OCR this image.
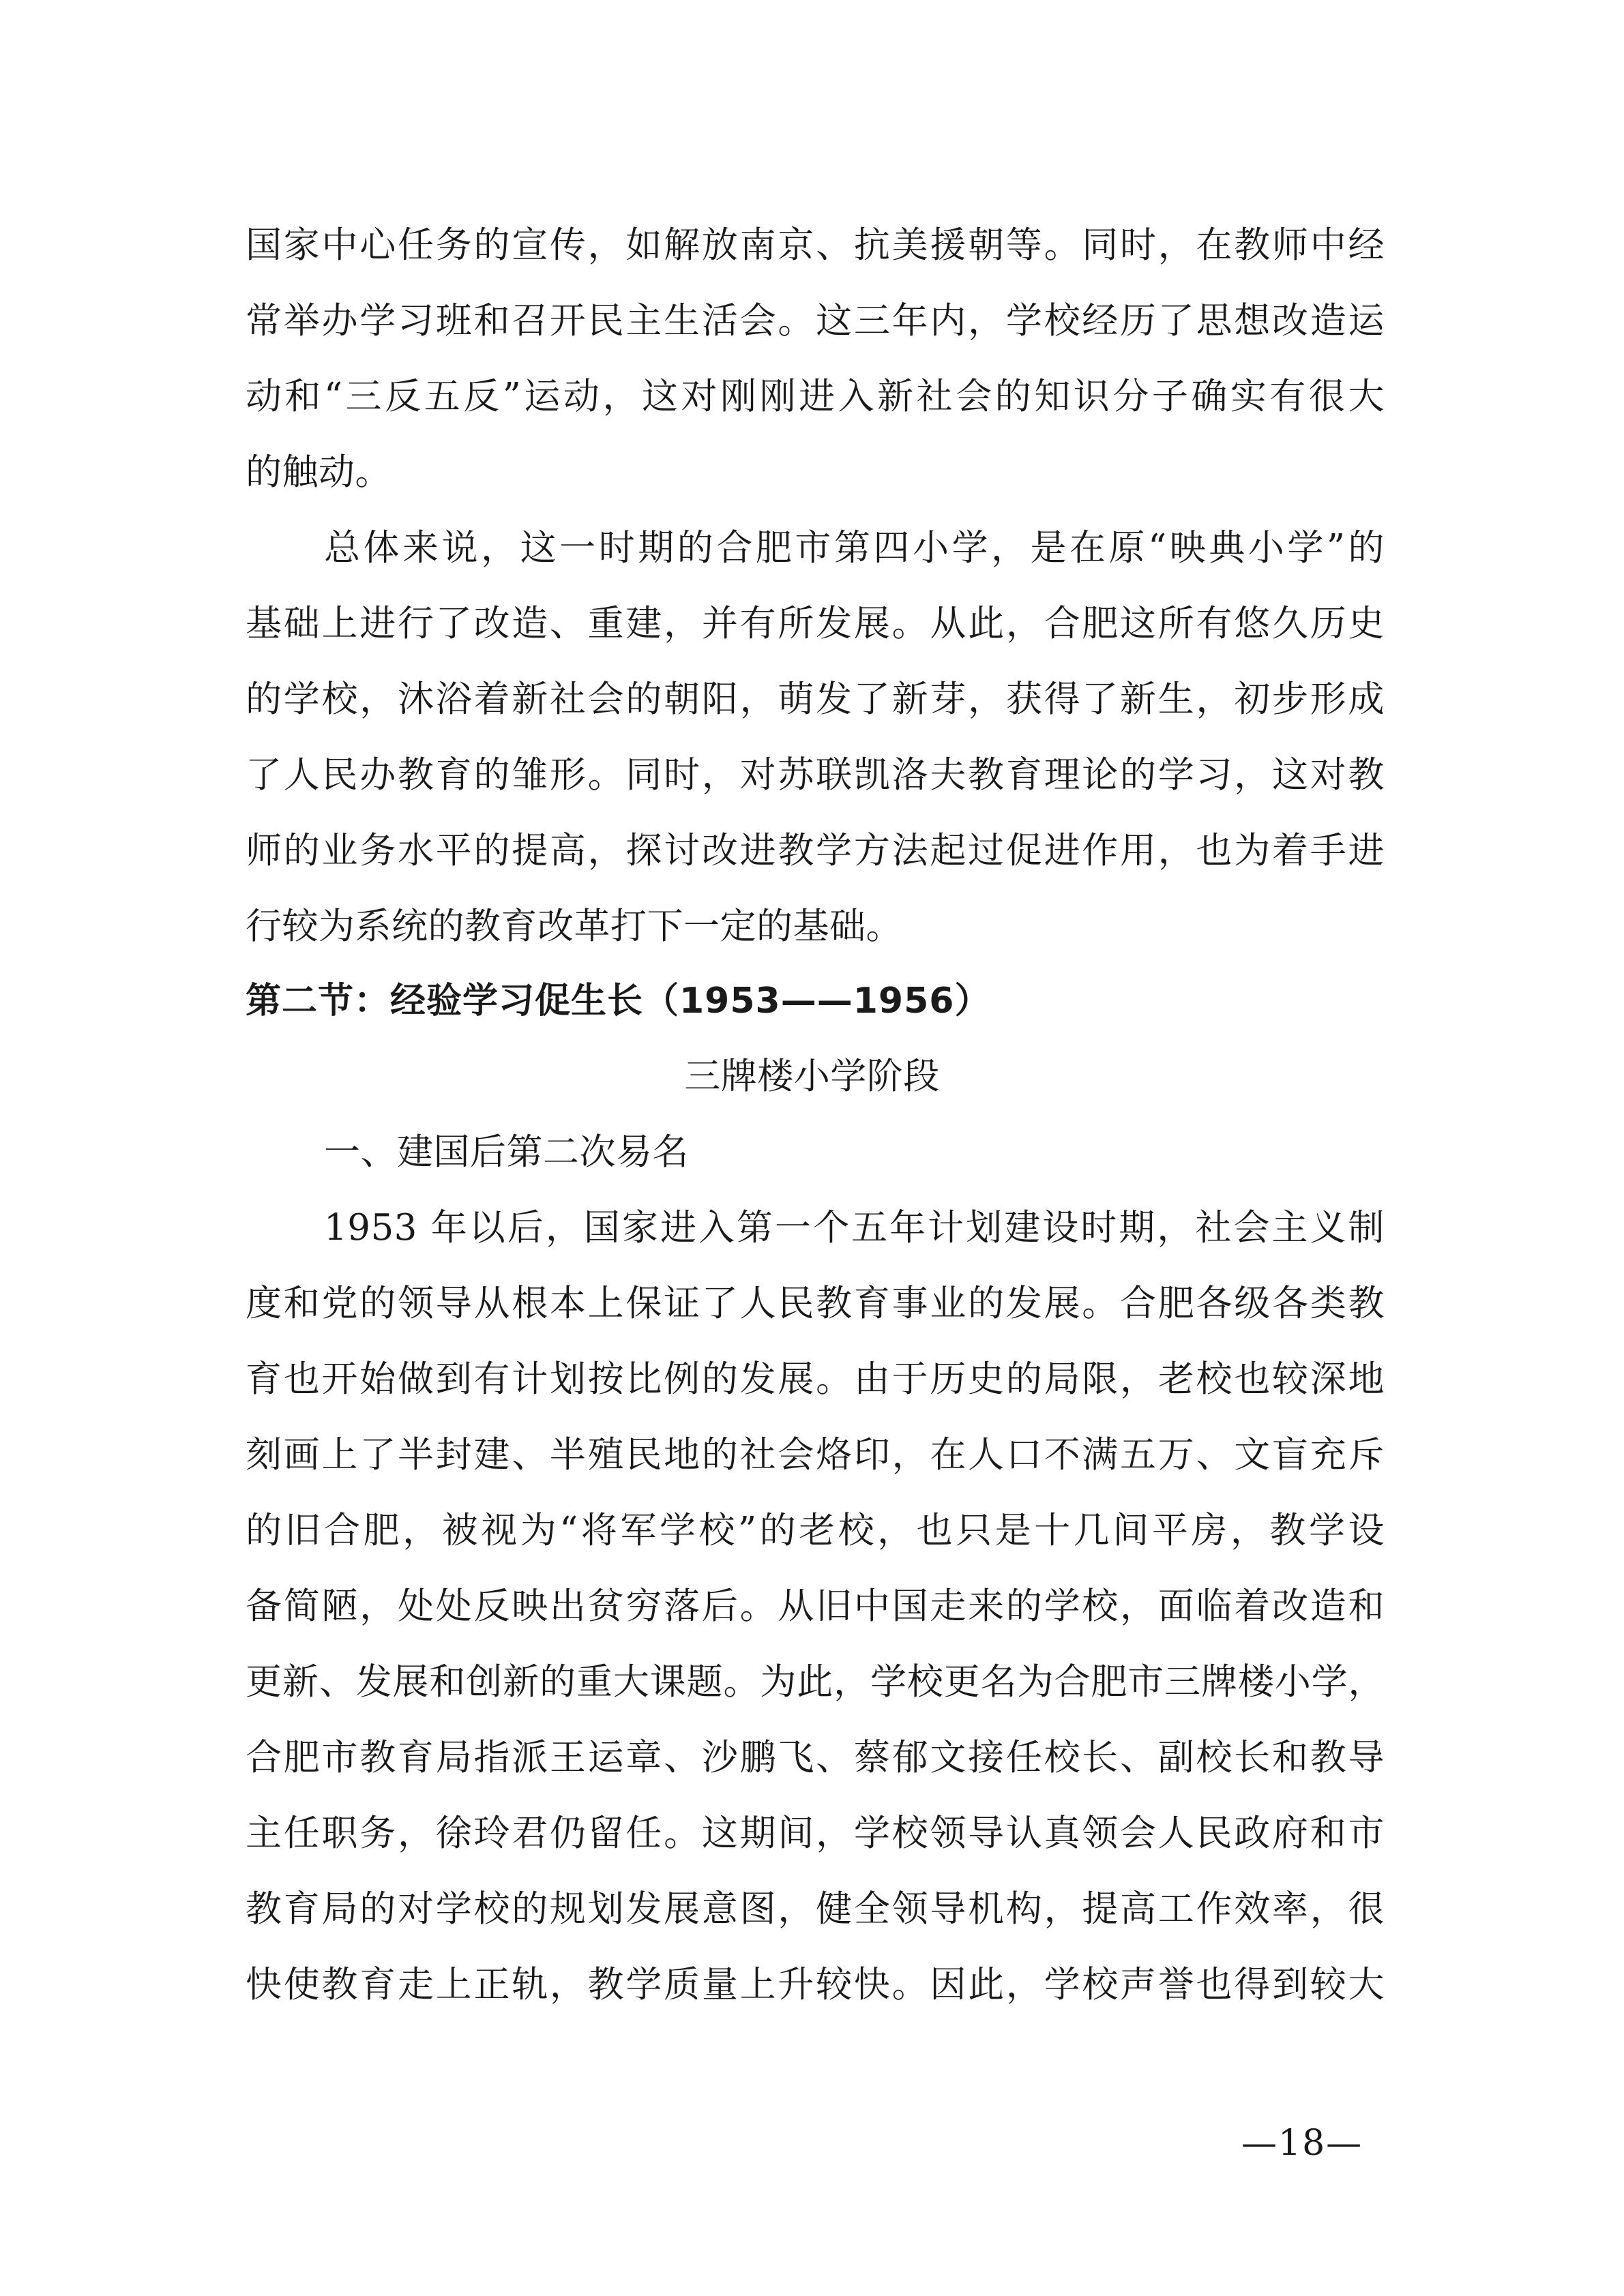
国家中心任务的宣传，如解放南京、抗美援朝等。同时，在教师中经
常举办学习班和召开民主生活会。这三年内，学校经历了思想改造运
动和“三反五反”运动，这对刚刚进入新社会的知识分子确实有很大
的触动。
总体来说，这一时期的合肥市第四小学，是在原“映典小学”的
基础上进行了改造、重建，并有所发展。从此，合肥这所有悠久历史
的学校，沐浴着新社会的朝阳，萌发了新芽，获得了新生，初步形成
了人民办教育的雏形。同时，对苏联凯洛夫教育理论的学习，这对教
师的业务水平的提高，探讨改进教学方法起过促进作用，也为着手进
行较为系统的教育改革打下一定的基础。
第二节：经验学习促生长（1953——1956）
三牌楼小学阶段
一、建国后第二次易名
1953 年以后，国家进入第一个五年计划建设时期，社会主义制
度和党的领导从根本上保证了人民教育事业的发展。合肥各级各类教
育也开始做到有计划按比例的发展。由于历史的局限，老校也较深地
刻画上了半封建、半殖民地的社会烙印，在人口不满五万、文盲充斥
的旧合肥，被视为“将军学校”的老校，也只是十几间平房，教学设
备简陋，处处反映出贫穷落后。从旧中国走来的学校，面临着改造和
更新、发展和创新的重大课题。为此，学校更名为合肥市三牌楼小学，
合肥市教育局指派王运章、沙鹏飞、蔡郁文接任校长、副校长和教导
主任职务，徐玲君仍留任。这期间，学校领导认真领会人民政府和市
教育局的对学校的规划发展意图，健全领导机构，提高工作效率，很
快使教育走上正轨，教学质量上升较快。因此，学校声誉也得到较大
—18—
